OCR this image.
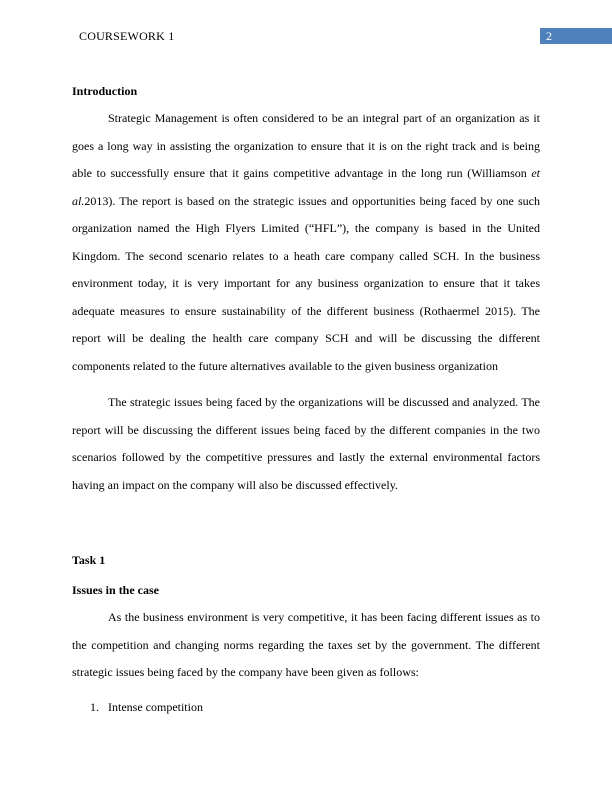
COURSEWORK 1	2
Introduction

Strategic Management is often considered to be an integral part of an organization as it goes a long way in assisting the organization to ensure that it is on the right track and is being able to successfully ensure that it gains competitive advantage in the long run (Williamson et al.2013). The report is based on the strategic issues and opportunities being faced by one such organization named the High Flyers Limited (“HFL”), the company is based in the United Kingdom. The second scenario relates to a heath care company called SCH. In the business environment today, it is very important for any business organization to ensure that it takes adequate measures to ensure sustainability of the different business (Rothaermel 2015). The report will be dealing the health care company SCH and will be discussing the different components related to the future alternatives available to the given business organization

The strategic issues being faced by the organizations will be discussed and analyzed. The report will be discussing the different issues being faced by the different companies in the two scenarios followed by the competitive pressures and lastly the external environmental factors having an impact on the company will also be discussed effectively.

Task 1
Issues in the case

As the business environment is very competitive, it has been facing different issues as to the competition and changing norms regarding the taxes set by the government. The different strategic issues being faced by the company have been given as follows:

1. Intense competition
